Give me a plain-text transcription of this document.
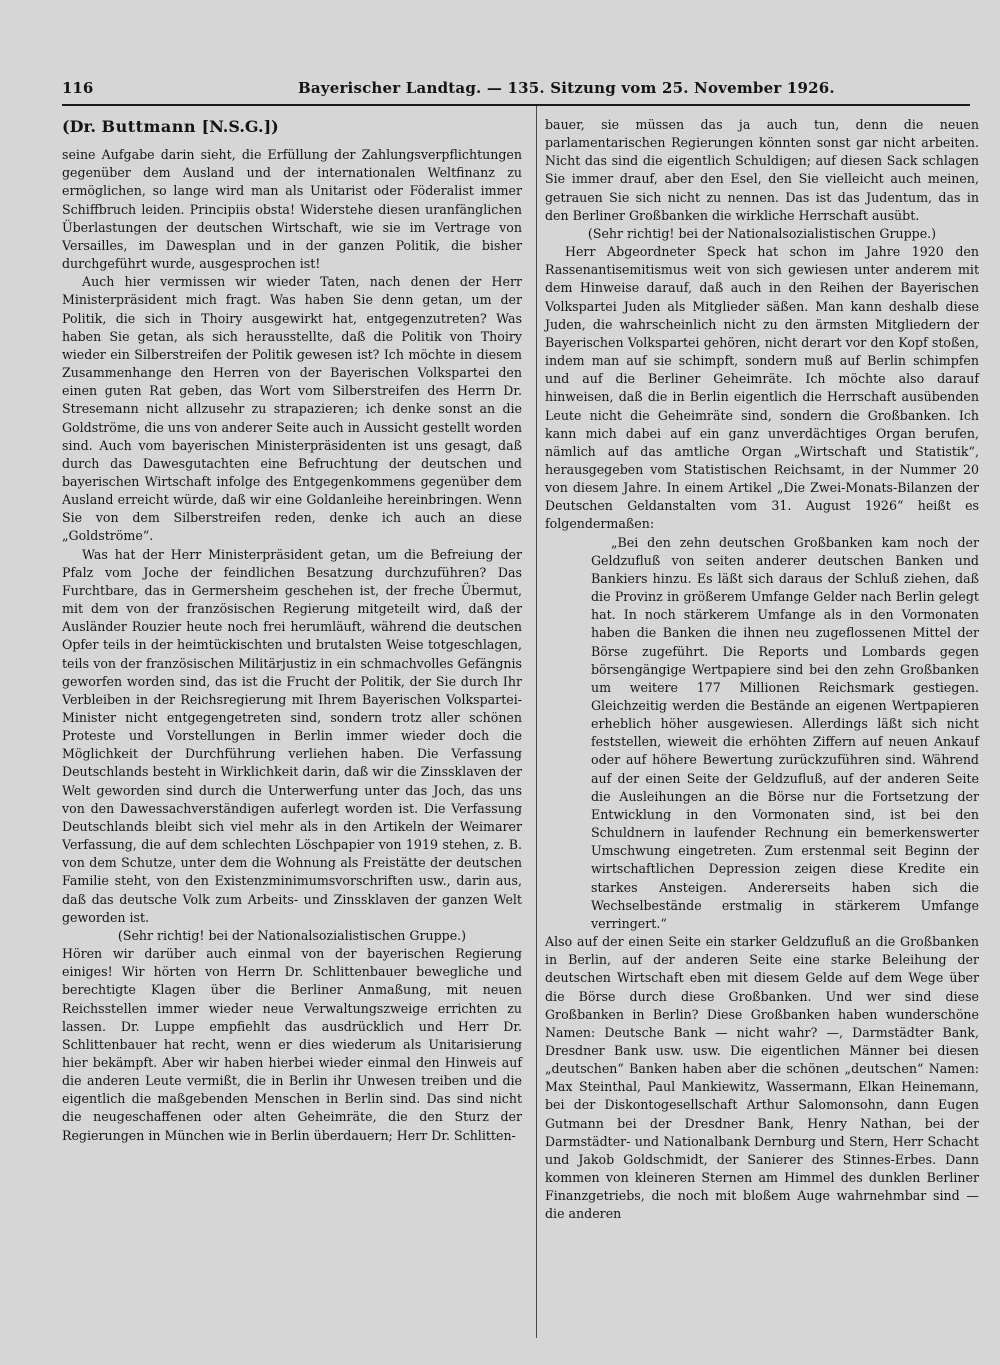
116	Bayerischer Landtag. — 135. Sitzung vom 25. November 1926.
(Dr. Buttmann [N.S.G.])

seine Aufgabe darin sieht, die Erfüllung der Zahlungsverpflichtungen gegenüber dem Ausland und der internationalen Weltfinanz zu ermöglichen, so lange wird man als Unitarist oder Föderalist immer Schiffbruch leiden. Principiis obsta! Widerstehe diesen uranfänglichen Überlastungen der deutschen Wirtschaft, wie sie im Vertrage von Versailles, im Dawesplan und in der ganzen Politik, die bisher durchgeführt wurde, ausgesprochen ist!

Auch hier vermissen wir wieder Taten, nach denen der Herr Ministerpräsident mich fragt. Was haben Sie denn getan, um der Politik, die sich in Thoiry ausgewirkt hat, entgegenzutreten? Was haben Sie getan, als sich herausstellte, daß die Politik von Thoiry wieder ein Silberstreifen der Politik gewesen ist? Ich möchte in diesem Zusammenhange den Herren von der Bayerischen Volkspartei den einen guten Rat geben, das Wort vom Silberstreifen des Herrn Dr. Stresemann nicht allzusehr zu strapazieren; ich denke sonst an die Goldströme, die uns von anderer Seite auch in Aussicht gestellt worden sind. Auch vom bayerischen Ministerpräsidenten ist uns gesagt, daß durch das Dawesgutachten eine Befruchtung der deutschen und bayerischen Wirtschaft infolge des Entgegenkommens gegenüber dem Ausland erreicht würde, daß wir eine Goldanleihe hereinbringen. Wenn Sie von dem Silberstreifen reden, denke ich auch an diese „Goldströme“.

Was hat der Herr Ministerpräsident getan, um die Befreiung der Pfalz vom Joche der feindlichen Besatzung durchzuführen? Das Furchtbare, das in Germersheim geschehen ist, der freche Übermut, mit dem von der französischen Regierung mitgeteilt wird, daß der Ausländer Rouzier heute noch frei herumläuft, während die deutschen Opfer teils in der heimtückischten und brutalsten Weise totgeschlagen, teils von der französischen Militärjustiz in ein schmachvolles Gefängnis geworfen worden sind, das ist die Frucht der Politik, der Sie durch Ihr Verbleiben in der Reichsregierung mit Ihrem Bayerischen Volkspartei-Minister nicht entgegengetreten sind, sondern trotz aller schönen Proteste und Vorstellungen in Berlin immer wieder doch die Möglichkeit der Durchführung verliehen haben. Die Verfassung Deutschlands besteht in Wirklichkeit darin, daß wir die Zinssklaven der Welt geworden sind durch die Unterwerfung unter das Joch, das uns von den Dawessachverständigen auferlegt worden ist. Die Verfassung Deutschlands bleibt sich viel mehr als in den Artikeln der Weimarer Verfassung, die auf dem schlechten Löschpapier von 1919 stehen, z. B. von dem Schutze, unter dem die Wohnung als Freistätte der deutschen Familie steht, von den Existenzminimumsvorschriften usw., darin aus, daß das deutsche Volk zum Arbeits- und Zinssklaven der ganzen Welt geworden ist.

(Sehr richtig! bei der Nationalsozialistischen Gruppe.)

Hören wir darüber auch einmal von der bayerischen Regierung einiges! Wir hörten von Herrn Dr. Schlittenbauer bewegliche und berechtigte Klagen über die Berliner Anmaßung, mit neuen Reichsstellen immer wieder neue Verwaltungszweige errichten zu lassen. Dr. Luppe empfiehlt das ausdrücklich und Herr Dr. Schlittenbauer hat recht, wenn er dies wiederum als Unitarisierung hier bekämpft. Aber wir haben hierbei wieder einmal den Hinweis auf die anderen Leute vermißt, die in Berlin ihr Unwesen treiben und die eigentlich die maßgebenden Menschen in Berlin sind. Das sind nicht die neugeschaffenen oder alten Geheimräte, die den Sturz der Regierungen in München wie in Berlin überdauern; Herr Dr. Schlitten-

bauer, sie müssen das ja auch tun, denn die neuen parlamentarischen Regierungen könnten sonst gar nicht arbeiten. Nicht das sind die eigentlich Schuldigen; auf diesen Sack schlagen Sie immer drauf, aber den Esel, den Sie vielleicht auch meinen, getrauen Sie sich nicht zu nennen. Das ist das Judentum, das in den Berliner Großbanken die wirkliche Herrschaft ausübt.

(Sehr richtig! bei der Nationalsozialistischen Gruppe.)

Herr Abgeordneter Speck hat schon im Jahre 1920 den Rassenantisemitismus weit von sich gewiesen unter anderem mit dem Hinweise darauf, daß auch in den Reihen der Bayerischen Volkspartei Juden als Mitglieder säßen. Man kann deshalb diese Juden, die wahrscheinlich nicht zu den ärmsten Mitgliedern der Bayerischen Volkspartei gehören, nicht derart vor den Kopf stoßen, indem man auf sie schimpft, sondern muß auf Berlin schimpfen und auf die Berliner Geheimräte. Ich möchte also darauf hinweisen, daß die in Berlin eigentlich die Herrschaft ausübenden Leute nicht die Geheimräte sind, sondern die Großbanken. Ich kann mich dabei auf ein ganz unverdächtiges Organ berufen, nämlich auf das amtliche Organ „Wirtschaft und Statistik“, herausgegeben vom Statistischen Reichsamt, in der Nummer 20 von diesem Jahre. In einem Artikel „Die Zwei-Monats-Bilanzen der Deutschen Geldanstalten vom 31. August 1926“ heißt es folgendermaßen:

„Bei den zehn deutschen Großbanken kam noch der Geldzufluß von seiten anderer deutschen Banken und Bankiers hinzu. Es läßt sich daraus der Schluß ziehen, daß die Provinz in größerem Umfange Gelder nach Berlin gelegt hat. In noch stärkerem Umfange als in den Vormonaten haben die Banken die ihnen neu zugeflossenen Mittel der Börse zugeführt. Die Reports und Lombards gegen börsengängige Wertpapiere sind bei den zehn Großbanken um weitere 177 Millionen Reichsmark gestiegen. Gleichzeitig werden die Bestände an eigenen Wertpapieren erheblich höher ausgewiesen. Allerdings läßt sich nicht feststellen, wieweit die erhöhten Ziffern auf neuen Ankauf oder auf höhere Bewertung zurückzuführen sind. Während auf der einen Seite der Geldzufluß, auf der anderen Seite die Ausleihungen an die Börse nur die Fortsetzung der Entwicklung in den Vormonaten sind, ist bei den Schuldnern in laufender Rechnung ein bemerkenswerter Umschwung eingetreten. Zum erstenmal seit Beginn der wirtschaftlichen Depression zeigen diese Kredite ein starkes Ansteigen. Andererseits haben sich die Wechselbestände erstmalig in stärkerem Umfange verringert.“

Also auf der einen Seite ein starker Geldzufluß an die Großbanken in Berlin, auf der anderen Seite eine starke Beleihung der deutschen Wirtschaft eben mit diesem Gelde auf dem Wege über die Börse durch diese Großbanken. Und wer sind diese Großbanken in Berlin? Diese Großbanken haben wunderschöne Namen: Deutsche Bank — nicht wahr? —, Darmstädter Bank, Dresdner Bank usw. usw. Die eigentlichen Männer bei diesen „deutschen“ Banken haben aber die schönen „deutschen“ Namen: Max Steinthal, Paul Mankiewitz, Wassermann, Elkan Heinemann, bei der Diskontogesellschaft Arthur Salomonsohn, dann Eugen Gutmann bei der Dresdner Bank, Henry Nathan, bei der Darmstädter- und Nationalbank Dernburg und Stern, Herr Schacht und Jakob Goldschmidt, der Sanierer des Stinnes-Erbes. Dann kommen von kleineren Sternen am Himmel des dunklen Berliner Finanzgetriebs, die noch mit bloßem Auge wahrnehmbar sind — die anderen
